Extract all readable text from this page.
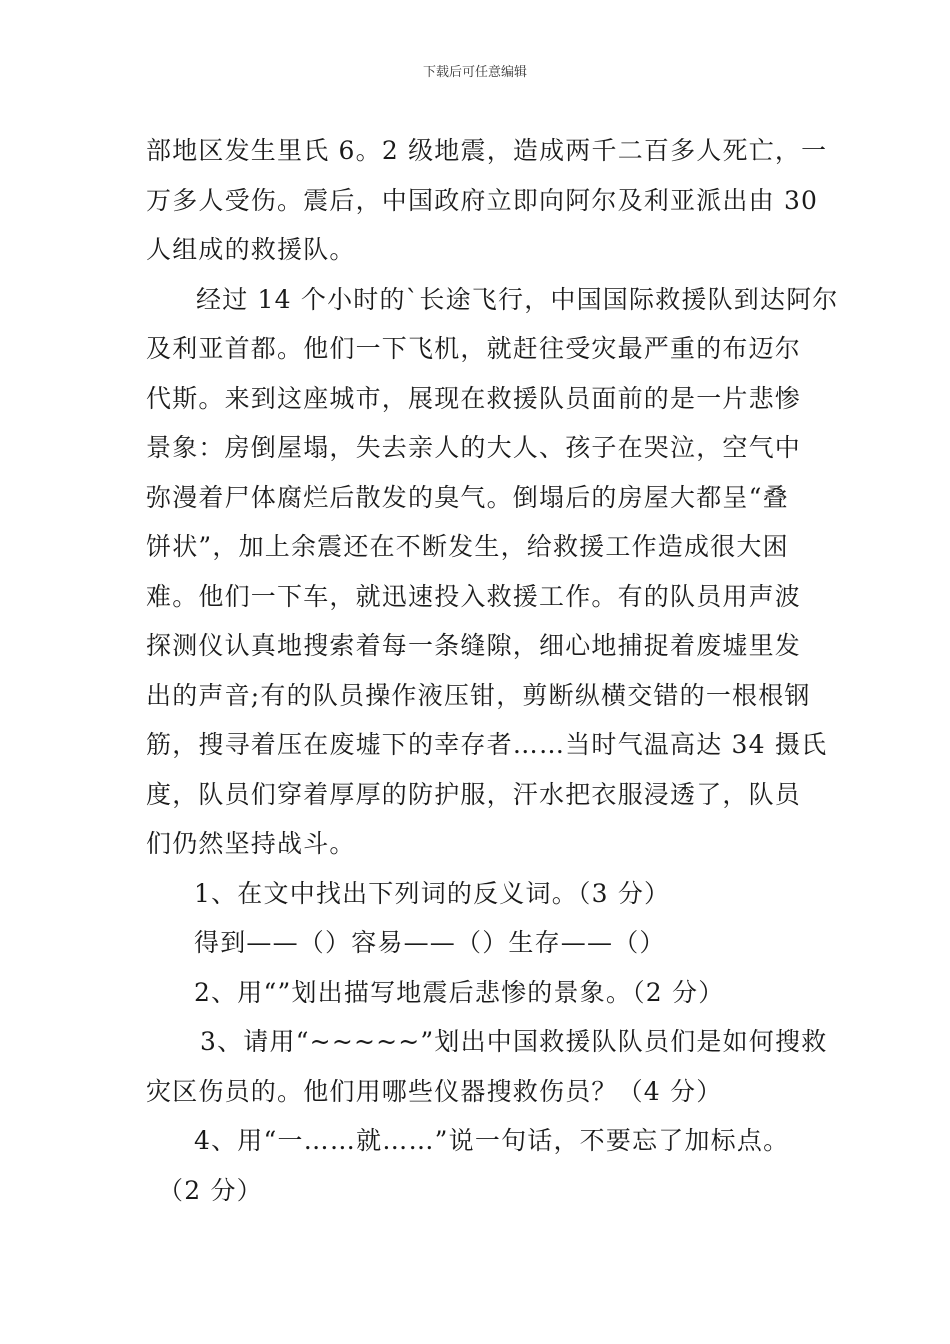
下载后可任意编辑
部地区发生里氏 6。2 级地震，造成两千二百多人死亡，一
万多人受伤。震后，中国政府立即向阿尔及利亚派出由 30
人组成的救援队。
经过 14 个小时的`长途飞行，中国国际救援队到达阿尔
及利亚首都。他们一下飞机，就赶往受灾最严重的布迈尔
代斯。来到这座城市，展现在救援队员面前的是一片悲惨
景象：房倒屋塌，失去亲人的大人、孩子在哭泣，空气中
弥漫着尸体腐烂后散发的臭气。倒塌后的房屋大都呈“叠
饼状”，加上余震还在不断发生，给救援工作造成很大困
难。他们一下车，就迅速投入救援工作。有的队员用声波
探测仪认真地搜索着每一条缝隙，细心地捕捉着废墟里发
出的声音;有的队员操作液压钳，剪断纵横交错的一根根钢
筋，搜寻着压在废墟下的幸存者……当时气温高达 34 摄氏
度，队员们穿着厚厚的防护服，汗水把衣服浸透了，队员
们仍然坚持战斗。
1、在文中找出下列词的反义词。（3 分）
得到——（）容易——（）生存——（）
2、用“”划出描写地震后悲惨的景象。（2 分）
3、请用“~~~~~”划出中国救援队队员们是如何搜救
灾区伤员的。他们用哪些仪器搜救伤员？（4 分）
4、用“一……就……”说一句话，不要忘了加标点。
（2 分）
